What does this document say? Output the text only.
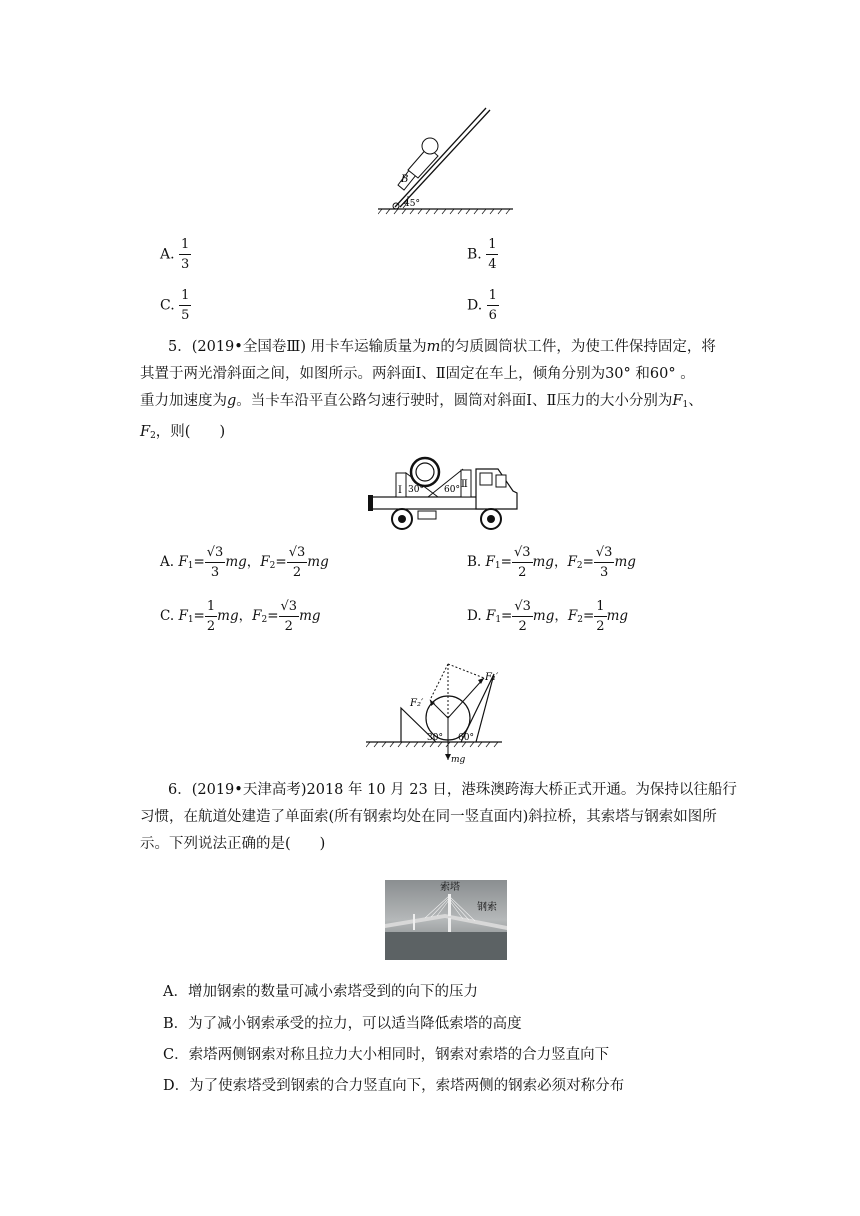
B
45°
A. $\frac{1}{3}$	B. $\frac{1}{4}$
C. $\frac{1}{5}$	D. $\frac{1}{6}$

5．(2019•全国卷Ⅲ) 用卡车运输质量为m的匀质圆筒状工件，为使工件保持固定，将

其置于两光滑斜面之间，如图所示。两斜面Ⅰ、Ⅱ固定在车上，倾角分别为30° 和60° 。

重力加速度为g。当卡车沿平直公路匀速行驶时，圆筒对斜面Ⅰ、Ⅱ压力的大小分别为$F_1$、

$F_2$，则(　　)

30° 60°
Ⅰ
Ⅱ
A. $F_1= \frac{√3}{3}$ mg，$F_2= \frac{√3}{2}$ mg	B. $F_1= \frac{√3}{2}$ mg，$F_2= \frac{√3}{3}$ mg
C. $F_1= \frac{1}{2}$ mg，$F_2= \frac{√3}{2}$ mg	D. $F_1= \frac{√3}{2}$ mg，$F_2= \frac{1}{2}$ mg
F₁′
F₂′
30° 60°
mg

6．(2019•天津高考)2018 年 10 月 23 日，港珠澳跨海大桥正式开通。为保持以往船行

习惯，在航道处建造了单面索(所有钢索均处在同一竖直面内)斜拉桥，其索塔与钢索如图所

示。下列说法正确的是(　　)

索塔
钢索
A．增加钢索的数量可减小索塔受到的向下的压力
B．为了减小钢索承受的拉力，可以适当降低索塔的高度
C．索塔两侧钢索对称且拉力大小相同时，钢索对索塔的合力竖直向下
D．为了使索塔受到钢索的合力竖直向下，索塔两侧的钢索必须对称分布
